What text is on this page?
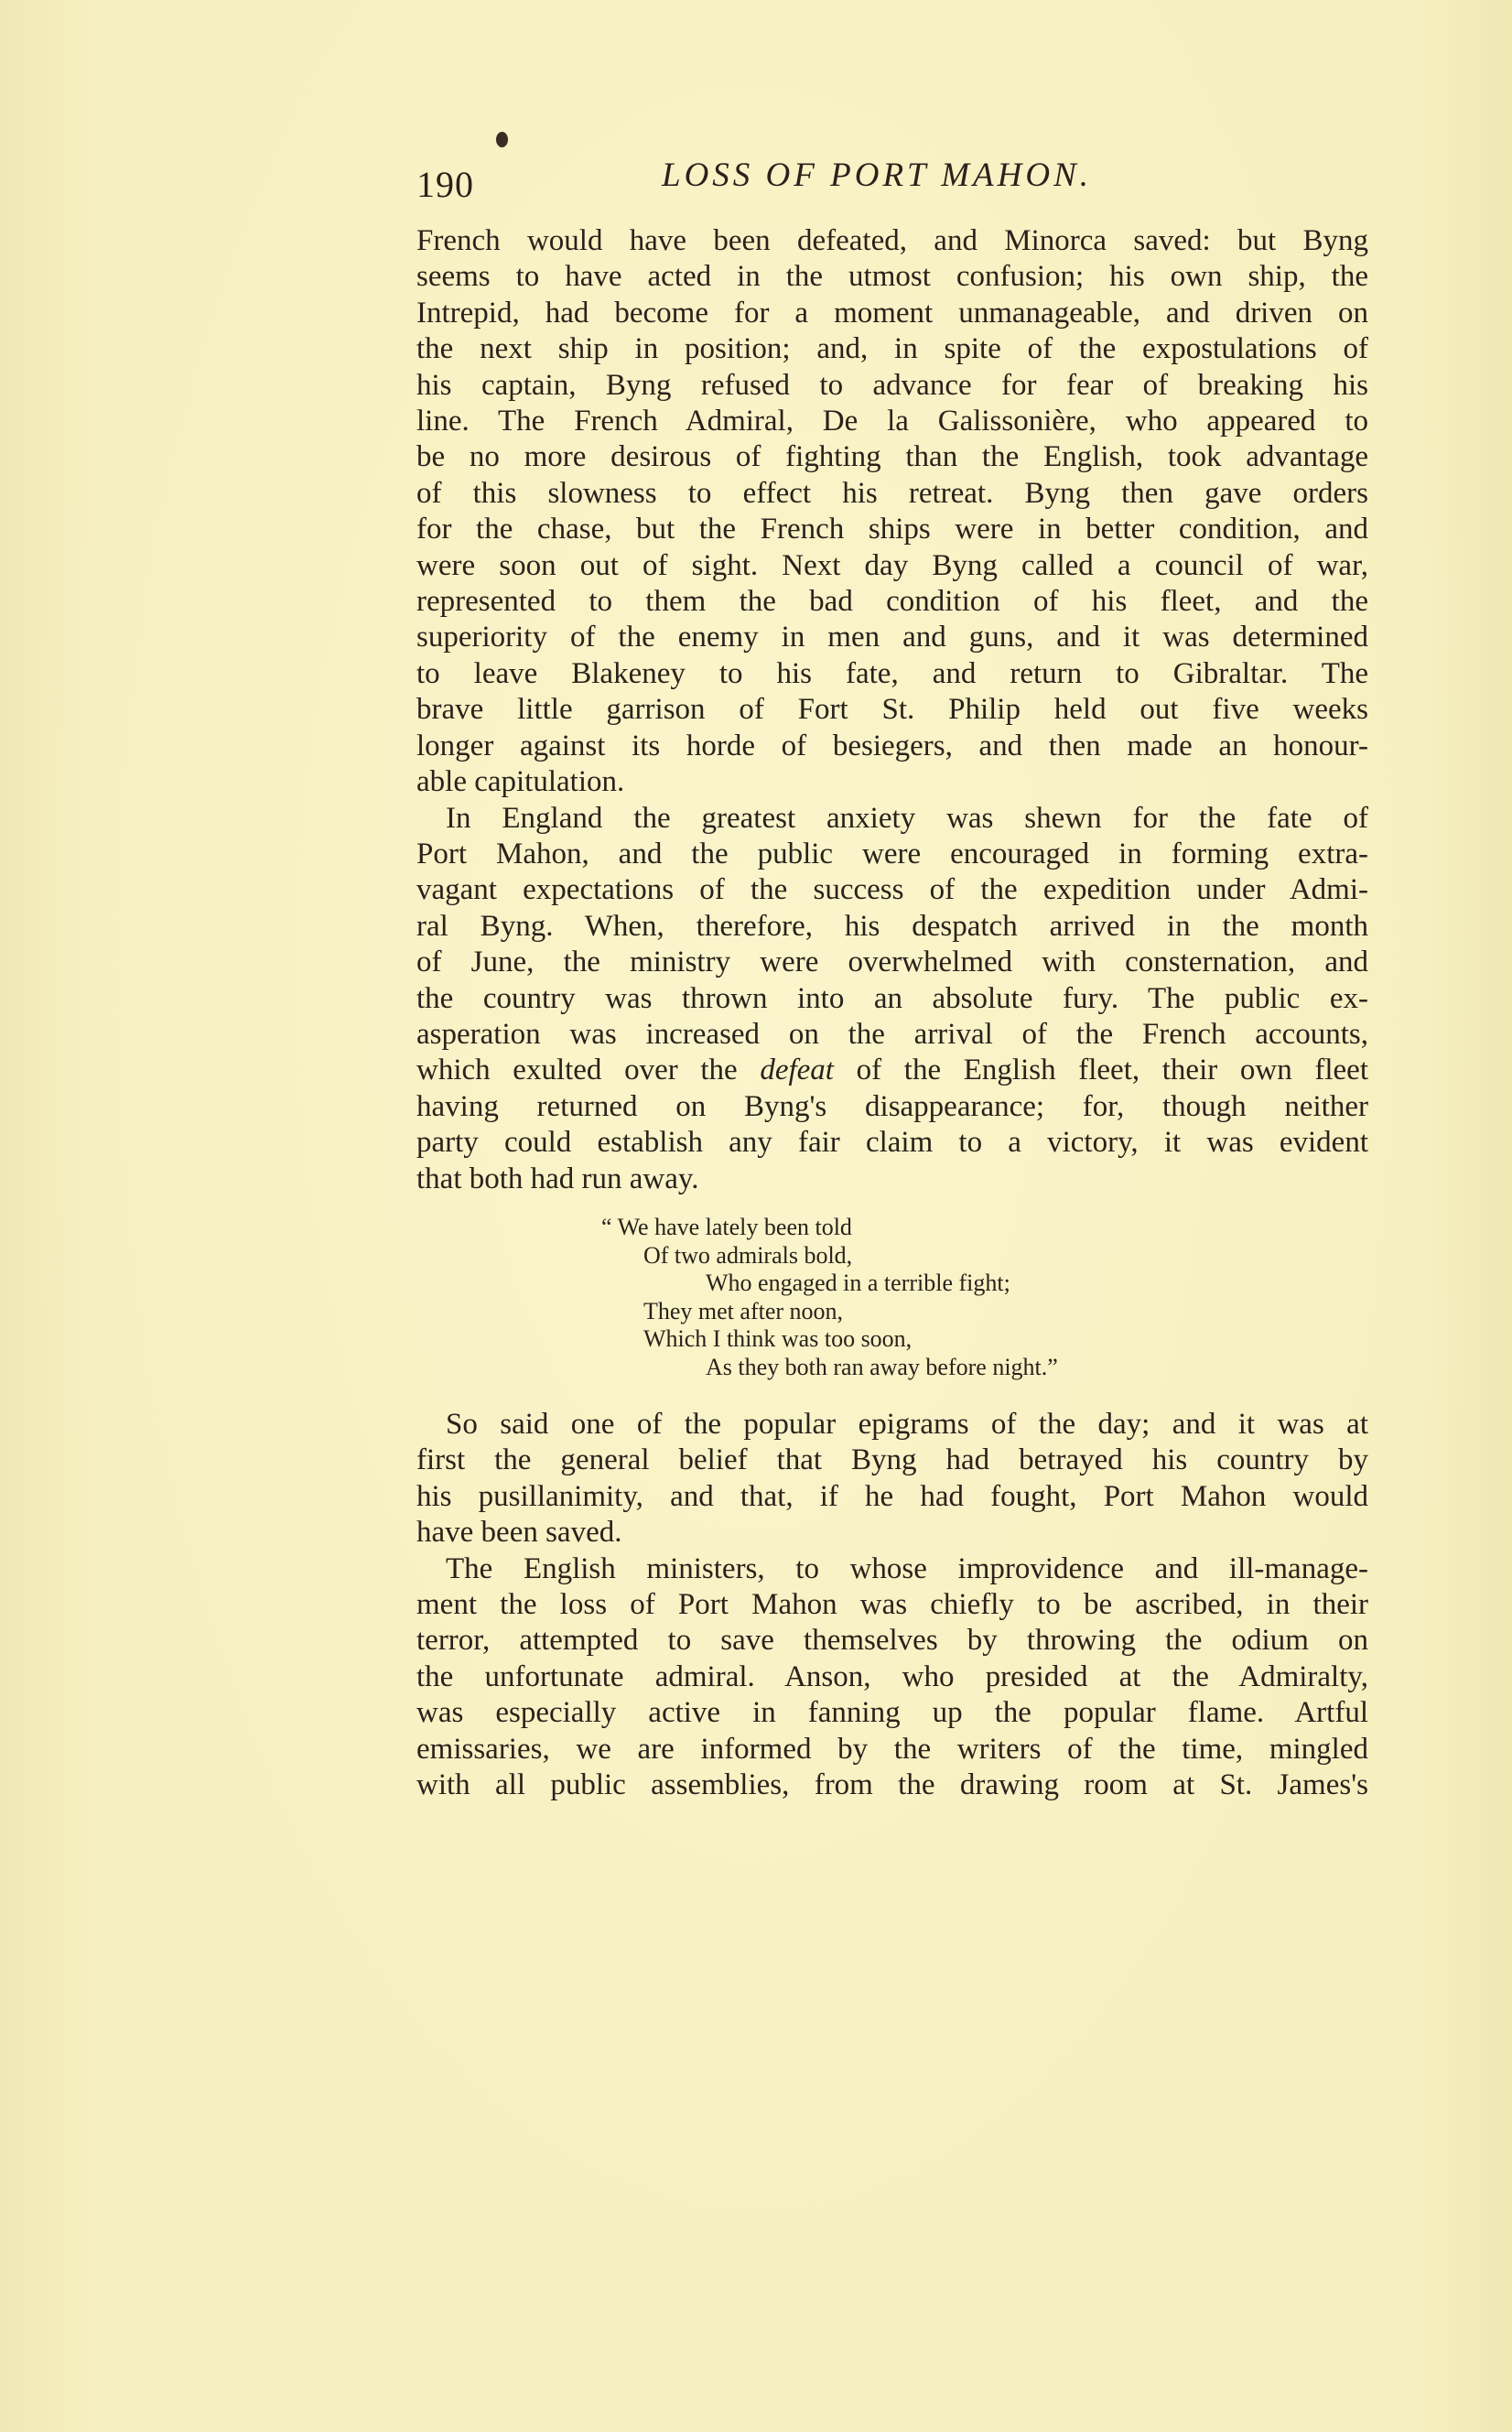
190	LOSS OF PORT MAHON.

French would have been defeated, and Minorca saved: but Byng

seems to have acted in the utmost confusion; his own ship, the

Intrepid, had become for a moment unmanageable, and driven on

the next ship in position; and, in spite of the expostulations of

his captain, Byng refused to advance for fear of breaking his

line. The French Admiral, De la Galissonière, who appeared to

be no more desirous of fighting than the English, took advantage

of this slowness to effect his retreat. Byng then gave orders

for the chase, but the French ships were in better condition, and

were soon out of sight. Next day Byng called a council of war,

represented to them the bad condition of his fleet, and the

superiority of the enemy in men and guns, and it was determined

to leave Blakeney to his fate, and return to Gibraltar. The

brave little garrison of Fort St. Philip held out five weeks

longer against its horde of besiegers, and then made an honour-

able capitulation.

In England the greatest anxiety was shewn for the fate of

Port Mahon, and the public were encouraged in forming extra-

vagant expectations of the success of the expedition under Admi-

ral Byng. When, therefore, his despatch arrived in the month

of June, the ministry were overwhelmed with consternation, and

the country was thrown into an absolute fury. The public ex-

asperation was increased on the arrival of the French accounts,

which exulted over the defeat of the English fleet, their own fleet

having returned on Byng's disappearance; for, though neither

party could establish any fair claim to a victory, it was evident

that both had run away.

“ We have lately been told
Of two admirals bold,
Who engaged in a terrible fight;
They met after noon,
Which I think was too soon,
As they both ran away before night.”

So said one of the popular epigrams of the day; and it was at

first the general belief that Byng had betrayed his country by

his pusillanimity, and that, if he had fought, Port Mahon would

have been saved.

The English ministers, to whose improvidence and ill-manage-

ment the loss of Port Mahon was chiefly to be ascribed, in their

terror, attempted to save themselves by throwing the odium on

the unfortunate admiral. Anson, who presided at the Admiralty,

was especially active in fanning up the popular flame. Artful

emissaries, we are informed by the writers of the time, mingled

with all public assemblies, from the drawing room at St. James's
